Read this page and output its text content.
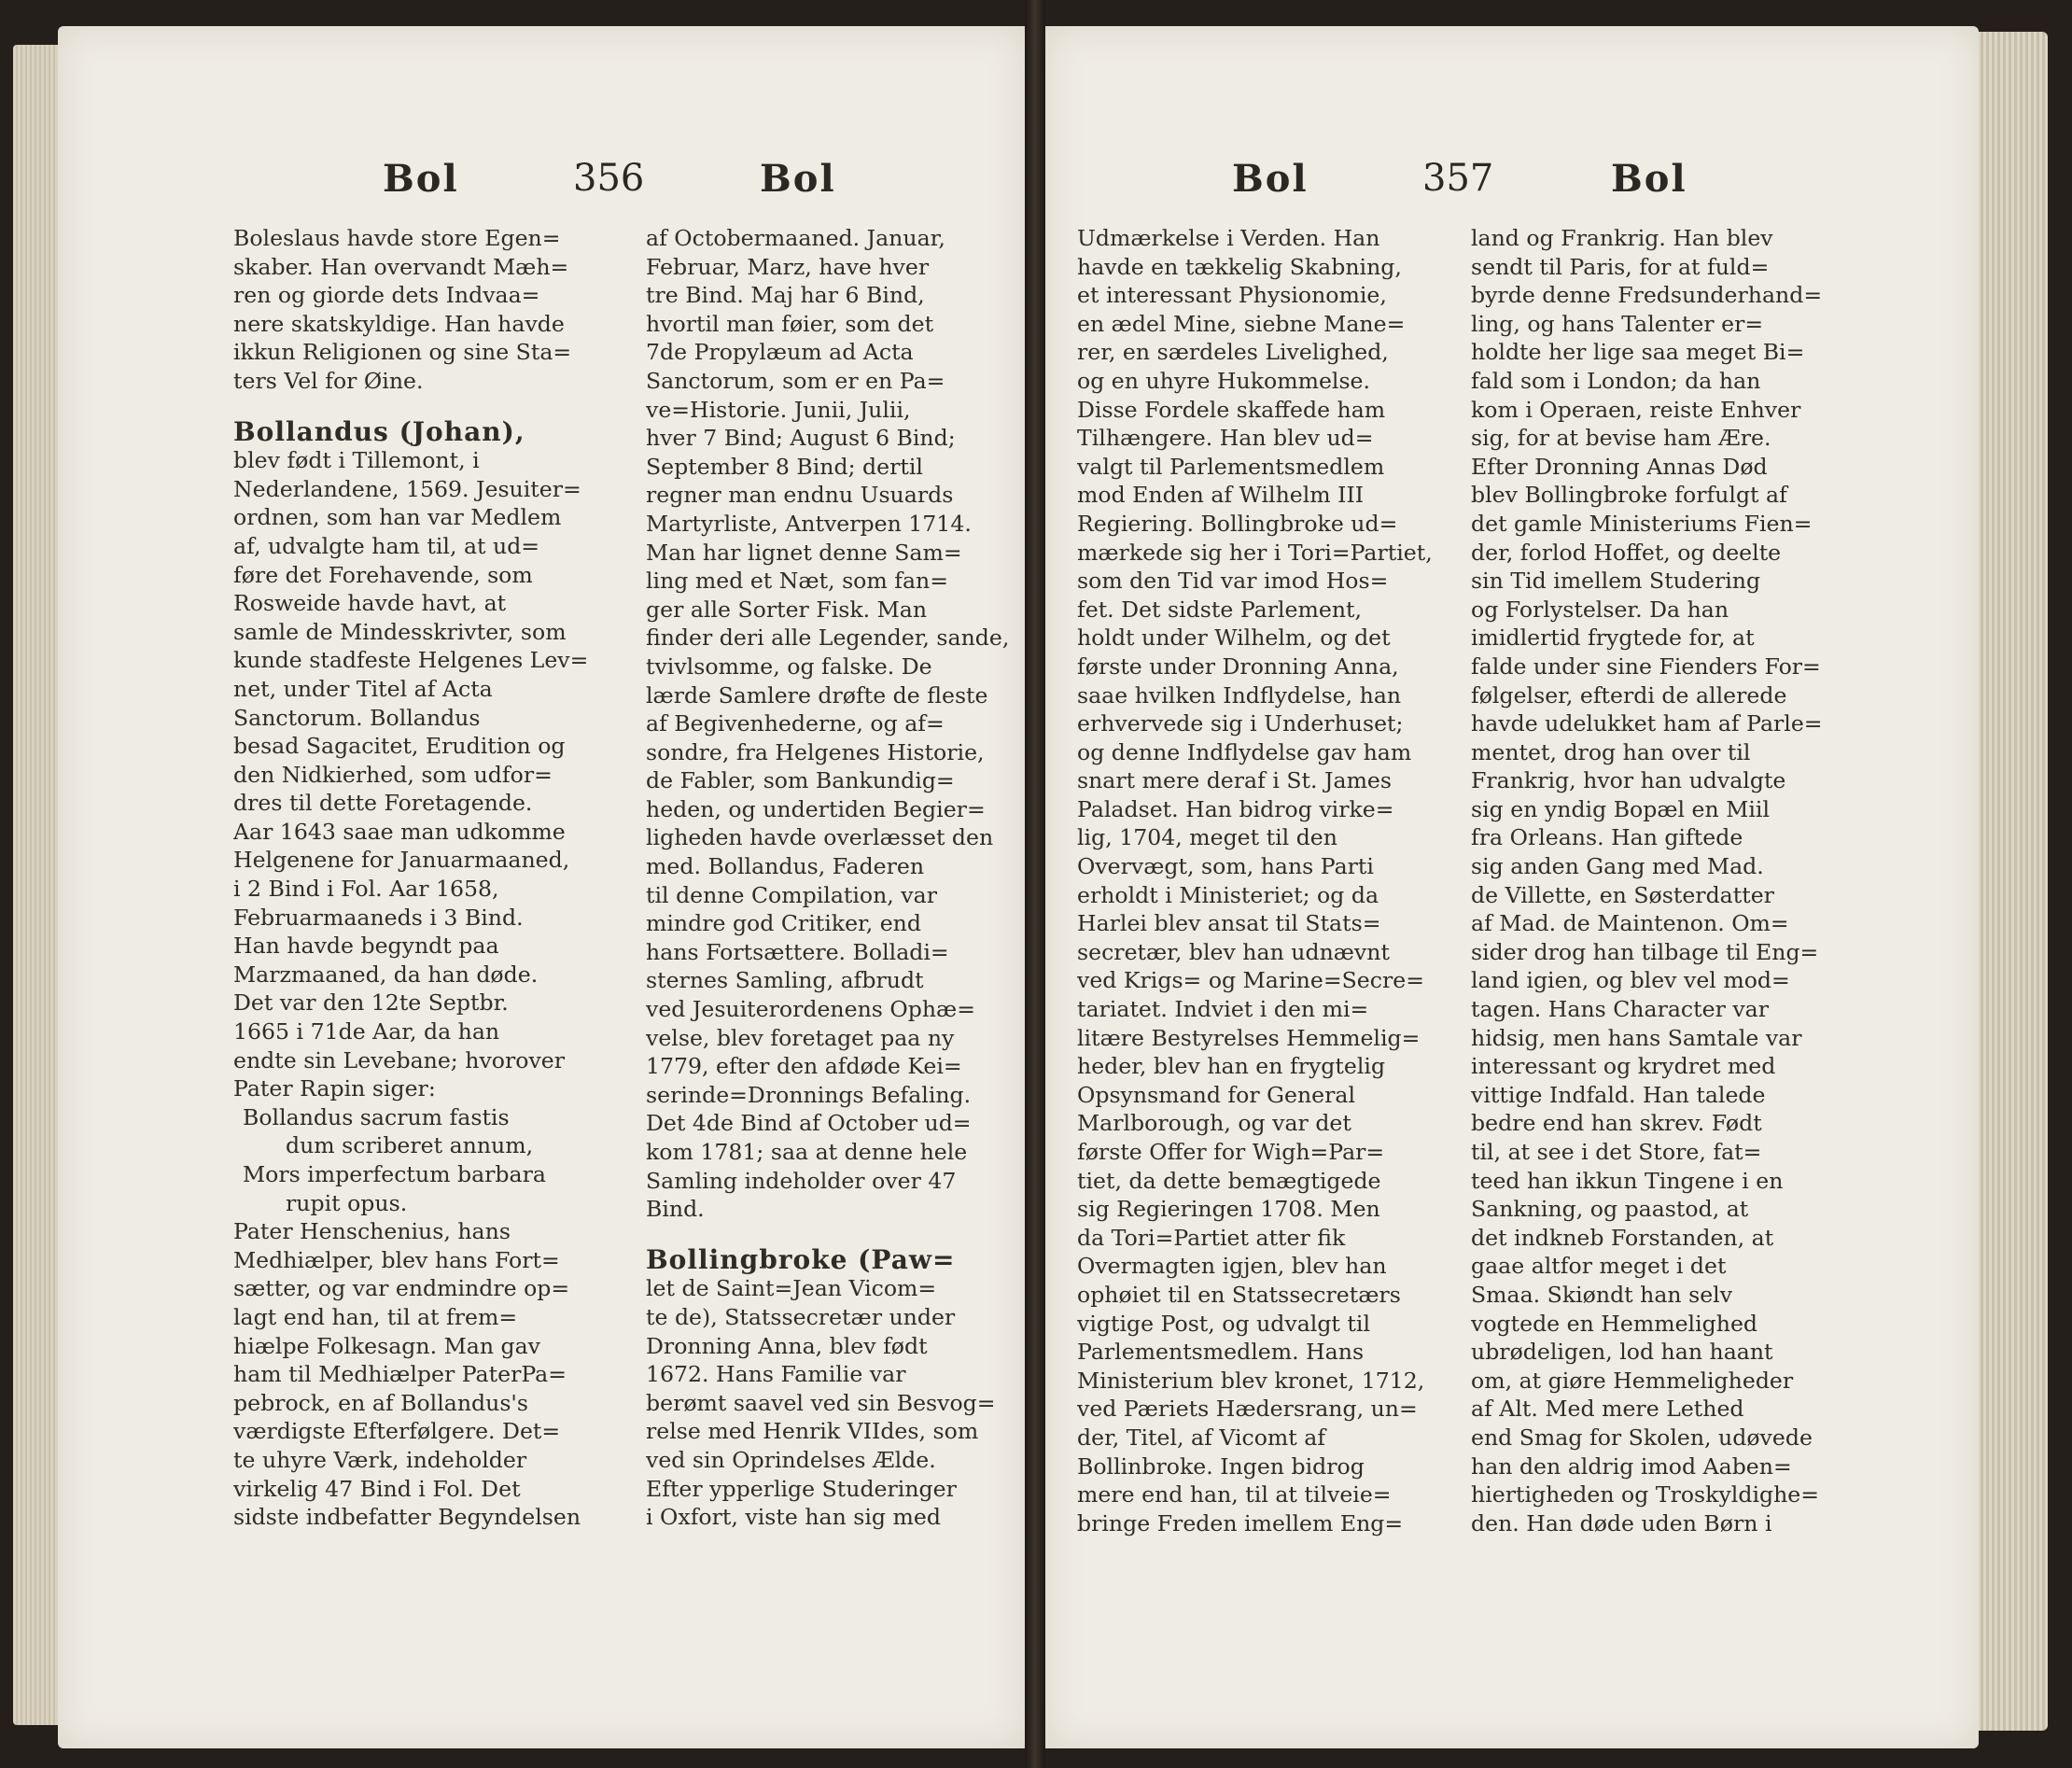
Bol	356	Bol
Boleslaus havde store Egen=
skaber. Han overvandt Mæh=
ren og giorde dets Indvaa=
nere skatskyldige. Han havde
ikkun Religionen og sine Sta=
ters Vel for Øine.
Bollandus (Johan),
blev født i Tillemont, i
Nederlandene, 1569. Jesuiter=
ordnen, som han var Medlem
af, udvalgte ham til, at ud=
føre det Forehavende, som
Rosweide havde havt, at
samle de Mindesskrivter, som
kunde stadfeste Helgenes Lev=
net, under Titel af Acta
Sanctorum. Bollandus
besad Sagacitet, Erudition og
den Nidkierhed, som udfor=
dres til dette Foretagende.
Aar 1643 saae man udkomme
Helgenene for Januarmaaned,
i 2 Bind i Fol. Aar 1658,
Februarmaaneds i 3 Bind.
Han havde begyndt paa
Marzmaaned, da han døde.
Det var den 12te Septbr.
1665 i 71de Aar, da han
endte sin Levebane; hvorover
Pater Rapin siger:
Bollandus sacrum fastis
dum scriberet annum,
Mors imperfectum barbara
rupit opus.
Pater Henschenius, hans
Medhiælper, blev hans Fort=
sætter, og var endmindre op=
lagt end han, til at frem=
hiælpe Folkesagn. Man gav
ham til Medhiælper PaterPa=
pebrock, en af Bollandus's
værdigste Efterfølgere. Det=
te uhyre Værk, indeholder
virkelig 47 Bind i Fol. Det
sidste indbefatter Begyndelsen
af Octobermaaned. Januar,
Februar, Marz, have hver
tre Bind. Maj har 6 Bind,
hvortil man føier, som det
7de Propylæum ad Acta
Sanctorum, som er en Pa=
ve=Historie. Junii, Julii,
hver 7 Bind; August 6 Bind;
September 8 Bind; dertil
regner man endnu Usuards
Martyrliste, Antverpen 1714.
Man har lignet denne Sam=
ling med et Næt, som fan=
ger alle Sorter Fisk. Man
finder deri alle Legender, sande,
tvivlsomme, og falske. De
lærde Samlere drøfte de fleste
af Begivenhederne, og af=
sondre, fra Helgenes Historie,
de Fabler, som Bankundig=
heden, og undertiden Begier=
ligheden havde overlæsset den
med. Bollandus, Faderen
til denne Compilation, var
mindre god Critiker, end
hans Fortsættere. Bolladi=
sternes Samling, afbrudt
ved Jesuiterordenens Ophæ=
velse, blev foretaget paa ny
1779, efter den afdøde Kei=
serinde=Dronnings Befaling.
Det 4de Bind af October ud=
kom 1781; saa at denne hele
Samling indeholder over 47
Bind.
Bollingbroke (Paw=
let de Saint=Jean Vicom=
te de), Statssecretær under
Dronning Anna, blev født
1672. Hans Familie var
berømt saavel ved sin Besvog=
relse med Henrik VIIdes, som
ved sin Oprindelses Ælde.
Efter ypperlige Studeringer
i Oxfort, viste han sig med
Bol	357	Bol
Udmærkelse i Verden. Han
havde en tækkelig Skabning,
et interessant Physionomie,
en ædel Mine, siebne Mane=
rer, en særdeles Livelighed,
og en uhyre Hukommelse.
Disse Fordele skaffede ham
Tilhængere. Han blev ud=
valgt til Parlementsmedlem
mod Enden af Wilhelm III
Regiering. Bollingbroke ud=
mærkede sig her i Tori=Partiet,
som den Tid var imod Hos=
fet. Det sidste Parlement,
holdt under Wilhelm, og det
første under Dronning Anna,
saae hvilken Indflydelse, han
erhvervede sig i Underhuset;
og denne Indflydelse gav ham
snart mere deraf i St. James
Paladset. Han bidrog virke=
lig, 1704, meget til den
Overvægt, som, hans Parti
erholdt i Ministeriet; og da
Harlei blev ansat til Stats=
secretær, blev han udnævnt
ved Krigs= og Marine=Secre=
tariatet. Indviet i den mi=
litære Bestyrelses Hemmelig=
heder, blev han en frygtelig
Opsynsmand for General
Marlborough, og var det
første Offer for Wigh=Par=
tiet, da dette bemægtigede
sig Regieringen 1708. Men
da Tori=Partiet atter fik
Overmagten igjen, blev han
ophøiet til en Statssecretærs
vigtige Post, og udvalgt til
Parlementsmedlem. Hans
Ministerium blev kronet, 1712,
ved Pæriets Hædersrang, un=
der, Titel, af Vicomt af
Bollinbroke. Ingen bidrog
mere end han, til at tilveie=
bringe Freden imellem Eng=
land og Frankrig. Han blev
sendt til Paris, for at fuld=
byrde denne Fredsunderhand=
ling, og hans Talenter er=
holdte her lige saa meget Bi=
fald som i London; da han
kom i Operaen, reiste Enhver
sig, for at bevise ham Ære.
Efter Dronning Annas Død
blev Bollingbroke forfulgt af
det gamle Ministeriums Fien=
der, forlod Hoffet, og deelte
sin Tid imellem Studering
og Forlystelser. Da han
imidlertid frygtede for, at
falde under sine Fienders For=
følgelser, efterdi de allerede
havde udelukket ham af Parle=
mentet, drog han over til
Frankrig, hvor han udvalgte
sig en yndig Bopæl en Miil
fra Orleans. Han giftede
sig anden Gang med Mad.
de Villette, en Søsterdatter
af Mad. de Maintenon. Om=
sider drog han tilbage til Eng=
land igien, og blev vel mod=
tagen. Hans Character var
hidsig, men hans Samtale var
interessant og krydret med
vittige Indfald. Han talede
bedre end han skrev. Født
til, at see i det Store, fat=
teed han ikkun Tingene i en
Sankning, og paastod, at
det indkneb Forstanden, at
gaae altfor meget i det
Smaa. Skiøndt han selv
vogtede en Hemmelighed
ubrødeligen, lod han haant
om, at giøre Hemmeligheder
af Alt. Med mere Lethed
end Smag for Skolen, udøvede
han den aldrig imod Aaben=
hiertigheden og Troskyldighe=
den. Han døde uden Børn i
